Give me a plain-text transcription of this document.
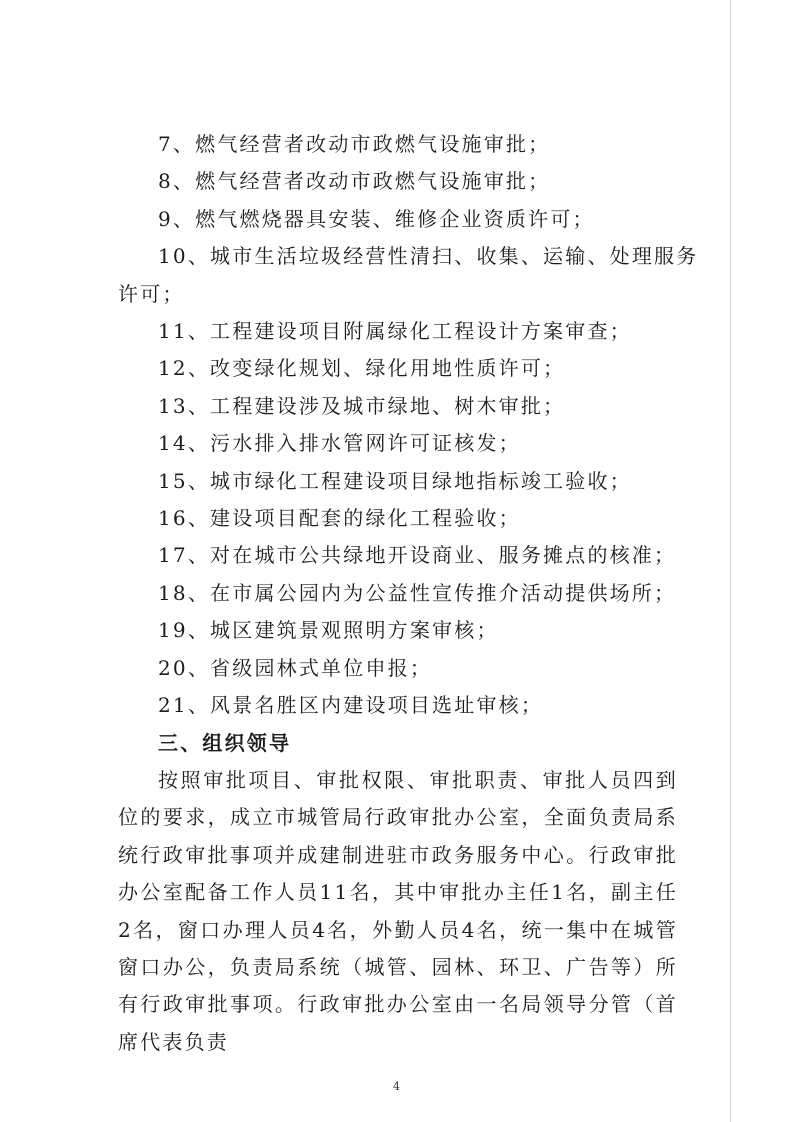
7、燃气经营者改动市政燃气设施审批；
8、燃气经营者改动市政燃气设施审批；
9、燃气燃烧器具安装、维修企业资质许可；
10、城市生活垃圾经营性清扫、收集、运输、处理服务
许可；
11、工程建设项目附属绿化工程设计方案审查；
12、改变绿化规划、绿化用地性质许可；
13、工程建设涉及城市绿地、树木审批；
14、污水排入排水管网许可证核发；
15、城市绿化工程建设项目绿地指标竣工验收；
16、建设项目配套的绿化工程验收；
17、对在城市公共绿地开设商业、服务摊点的核准；
18、在市属公园内为公益性宣传推介活动提供场所；
19、城区建筑景观照明方案审核；
20、省级园林式单位申报；
21、风景名胜区内建设项目选址审核；
三、组织领导

按照审批项目、审批权限、审批职责、审批人员四到位的要求，成立市城管局行政审批办公室，全面负责局系统行政审批事项并成建制进驻市政务服务中心。行政审批办公室配备工作人员11名，其中审批办主任1名，副主任2名，窗口办理人员4名，外勤人员4名，统一集中在城管窗口办公，负责局系统（城管、园林、环卫、广告等）所有行政审批事项。行政审批办公室由一名局领导分管（首席代表负责

4
